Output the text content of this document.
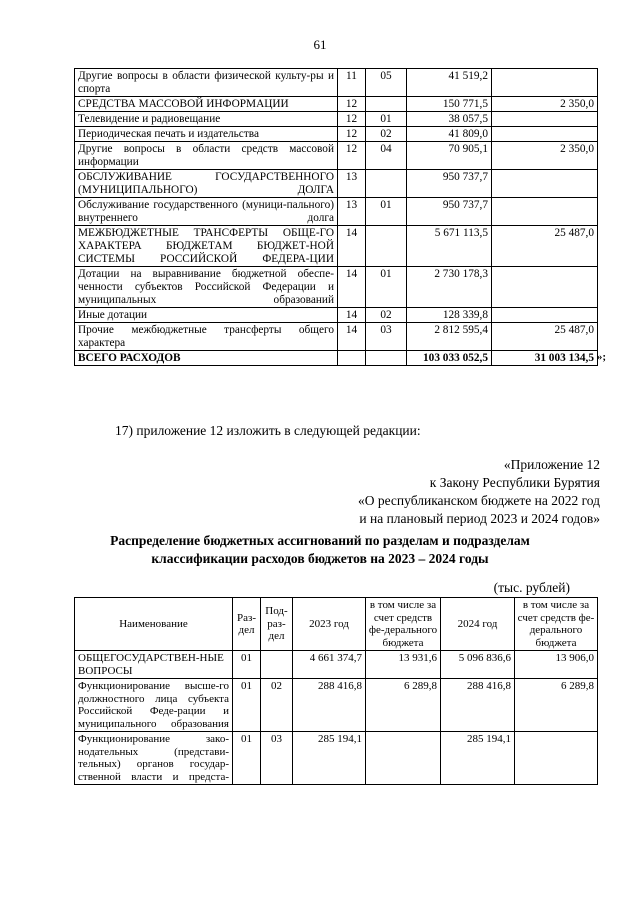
61
Другие вопросы в области физической культу-ры и спорта	11	05	41 519,2	
СРЕДСТВА МАССОВОЙ ИНФОРМАЦИИ	12		150 771,5	2 350,0
Телевидение и радиовещание	12	01	38 057,5	
Периодическая печать и издательства	12	02	41 809,0	
Другие вопросы в области средств массовой информации	12	04	70 905,1	2 350,0
ОБСЛУЖИВАНИЕ ГОСУДАРСТВЕННОГО (МУНИЦИПАЛЬНОГО) ДОЛГА	13		950 737,7	
Обслуживание государственного (муници-пального) внутреннего долга	13	01	950 737,7	
МЕЖБЮДЖЕТНЫЕ ТРАНСФЕРТЫ ОБЩЕ-ГО ХАРАКТЕРА БЮДЖЕТАМ БЮДЖЕТ-НОЙ СИСТЕМЫ РОССИЙСКОЙ ФЕДЕРА-ЦИИ	14		5 671 113,5	25 487,0
Дотации на выравнивание бюджетной обеспе-ченности субъектов Российской Федерации и муниципальных образований	14	01	2 730 178,3	
Иные дотации	14	02	128 339,8	
Прочие межбюджетные трансферты общего характера	14	03	2 812 595,4	25 487,0
ВСЕГО РАСХОДОВ			103 033 052,5	31 003 134,5 »;
17) приложение 12 изложить в следующей редакции:
«Приложение 12
к Закону Республики Бурятия
«О республиканском бюджете на 2022 год
и на плановый период 2023 и 2024 годов»
Распределение бюджетных ассигнований по разделам и подразделам
классификации расходов бюджетов на 2023 – 2024 годы
(тыс. рублей)
Наименование	Раз-дел	Под-раз-дел	2023 год	в том числе за счет средств фе-дерального бюджета	2024 год	в том числе за счет средств фе-дерального бюджета
ОБЩЕГОСУДАРСТВЕН-НЫЕ ВОПРОСЫ	01		4 661 374,7	13 931,6	5 096 836,6	13 906,0
Функционирование высше-го должностного лица субъекта Российской Феде-рации и муниципального образования	01	02	288 416,8	6 289,8	288 416,8	6 289,8
Функционирование зако-нодательных (представи-тельных) органов государ-ственной власти и предста-	01	03	285 194,1		285 194,1	
